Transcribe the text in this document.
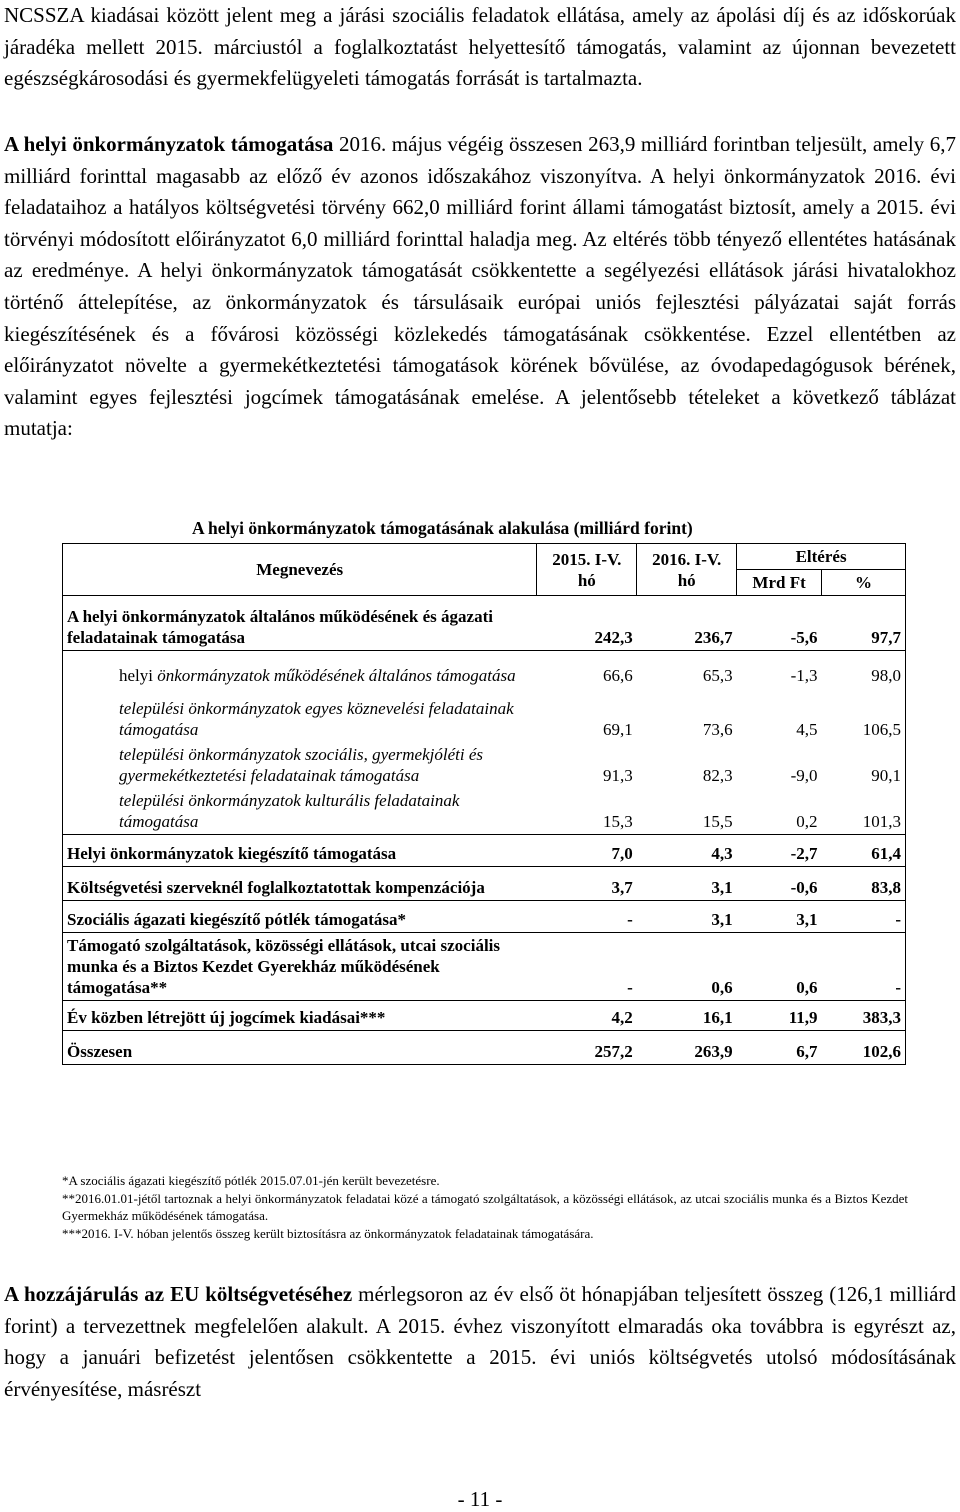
NCSSZA kiadásai között jelent meg a járási szociális feladatok ellátása, amely az ápolási díj és az időskorúak járadéka mellett 2015. márciustól a foglalkoztatást helyettesítő támogatás, valamint az újonnan bevezetett egészségkárosodási és gyermekfelügyeleti támogatás forrását is tartalmazta.

A helyi önkormányzatok támogatása 2016. május végéig összesen 263,9 milliárd forintban teljesült, amely 6,7 milliárd forinttal magasabb az előző év azonos időszakához viszonyítva. A helyi önkormányzatok 2016. évi feladataihoz a hatályos költségvetési törvény 662,0 milliárd forint állami támogatást biztosít, amely a 2015. évi törvényi módosított előirányzatot 6,0 milliárd forinttal haladja meg. Az eltérés több tényező ellentétes hatásának az eredménye. A helyi önkormányzatok támogatását csökkentette a segélyezési ellátások járási hivatalokhoz történő áttelepítése, az önkormányzatok és társulásaik európai uniós fejlesztési pályázatai saját forrás kiegészítésének és a fővárosi közösségi közlekedés támogatásának csökkentése. Ezzel ellentétben az előirányzatot növelte a gyermekétkeztetési támogatások körének bővülése, az óvodapedagógusok bérének, valamint egyes fejlesztési jogcímek támogatásának emelése. A jelentősebb tételeket a következő táblázat mutatja:

A helyi önkormányzatok támogatásának alakulása (milliárd forint)
Megnevezés	2015. I-V. hó	2016. I-V. hó	Eltérés	
			Mrd Ft	%
A helyi önkormányzatok általános működésének és ágazati feladatainak támogatása	242,3	236,7	-5,6	97,7

helyi önkormányzatok működésének általános támogatása	66,6	65,3	-1,3	98,0
települési önkormányzatok egyes köznevelési feladatainak támogatása	69,1	73,6	4,5	106,5
települési önkormányzatok szociális, gyermekjóléti és gyermekétkeztetési feladatainak támogatása	91,3	82,3	-9,0	90,1
települési önkormányzatok kulturális feladatainak támogatása	15,3	15,5	0,2	101,3
Helyi önkormányzatok kiegészítő támogatása	7,0	4,3	-2,7	61,4
Költségvetési szerveknél foglalkoztatottak kompenzációja	3,7	3,1	-0,6	83,8
Szociális ágazati kiegészítő pótlék támogatása*	-	3,1	3,1	-
Támogató szolgáltatások, közösségi ellátások, utcai szociális munka és a Biztos Kezdet Gyerekház működésének támogatása**	-	0,6	0,6	-
Év közben létrejött új jogcímek kiadásai***	4,2	16,1	11,9	383,3
Összesen	257,2	263,9	6,7	102,6

*A szociális ágazati kiegészítő pótlék 2015.07.01-jén került bevezetésre.

**2016.01.01-jétől tartoznak a helyi önkormányzatok feladatai közé a támogató szolgáltatások, a közösségi ellátások, az utcai szociális munka és a Biztos Kezdet Gyermekház működésének támogatása.

***2016. I-V. hóban jelentős összeg került biztosításra az önkormányzatok feladatainak támogatására.

A hozzájárulás az EU költségvetéséhez mérlegsoron az év első öt hónapjában teljesített összeg (126,1 milliárd forint) a tervezettnek megfelelően alakult. A 2015. évhez viszonyított elmaradás oka továbbra is egyrészt az, hogy a januári befizetést jelentősen csökkentette a 2015. évi uniós költségvetés utolsó módosításának érvényesítése, másrészt

- 11 -
